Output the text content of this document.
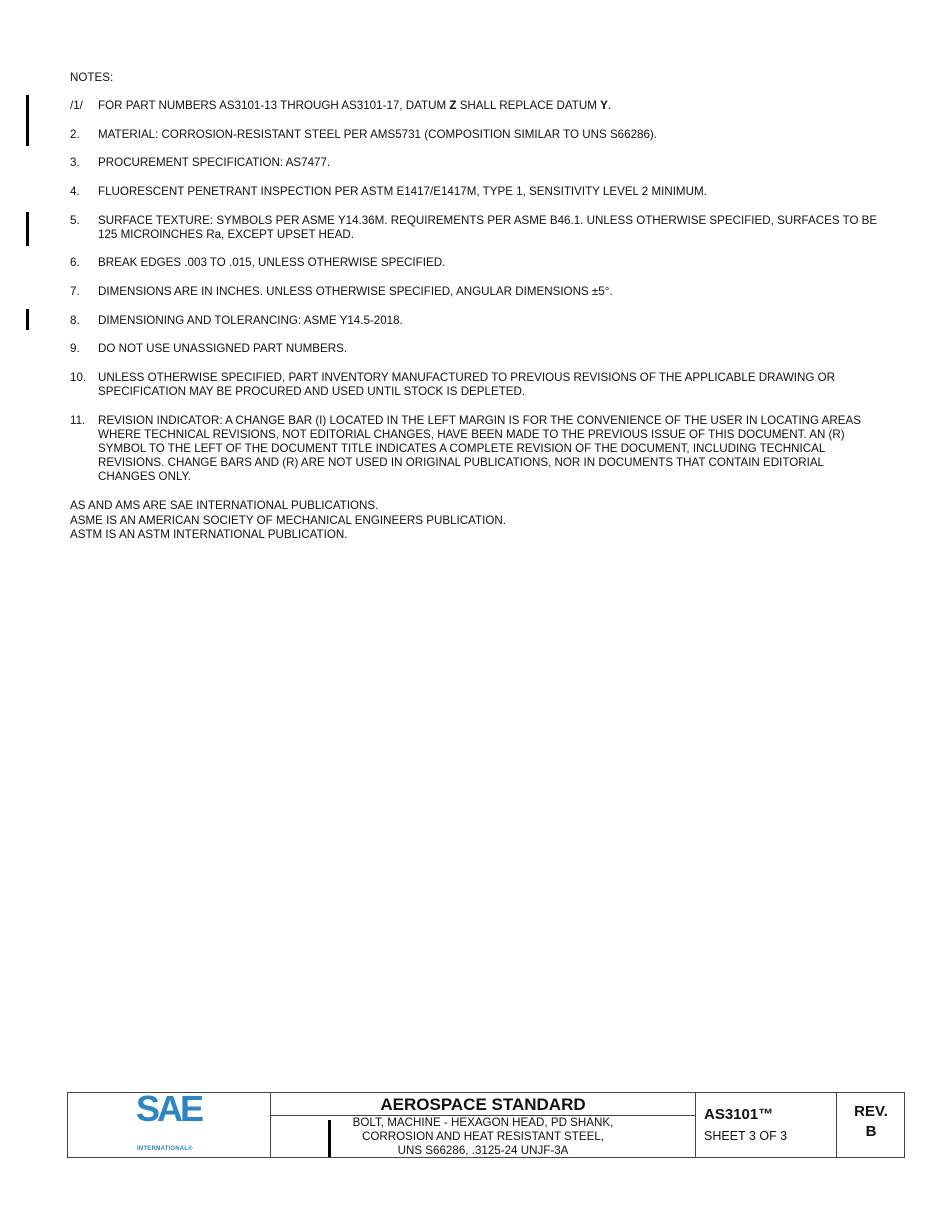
NOTES:
/1/	FOR PART NUMBERS AS3101-13 THROUGH AS3101-17, DATUM Z SHALL REPLACE DATUM Y.
2.	MATERIAL: CORROSION-RESISTANT STEEL PER AMS5731 (COMPOSITION SIMILAR TO UNS S66286).
3.	PROCUREMENT SPECIFICATION: AS7477.
4.	FLUORESCENT PENETRANT INSPECTION PER ASTM E1417/E1417M, TYPE 1, SENSITIVITY LEVEL 2 MINIMUM.
5.	SURFACE TEXTURE: SYMBOLS PER ASME Y14.36M. REQUIREMENTS PER ASME B46.1. UNLESS OTHERWISE SPECIFIED, SURFACES TO BE 125 MICROINCHES Ra, EXCEPT UPSET HEAD.
6.	BREAK EDGES .003 TO .015, UNLESS OTHERWISE SPECIFIED.
7.	DIMENSIONS ARE IN INCHES. UNLESS OTHERWISE SPECIFIED, ANGULAR DIMENSIONS ±5°.
8.	DIMENSIONING AND TOLERANCING: ASME Y14.5-2018.
9.	DO NOT USE UNASSIGNED PART NUMBERS.
10.	UNLESS OTHERWISE SPECIFIED, PART INVENTORY MANUFACTURED TO PREVIOUS REVISIONS OF THE APPLICABLE DRAWING OR SPECIFICATION MAY BE PROCURED AND USED UNTIL STOCK IS DEPLETED.
11.	REVISION INDICATOR: A CHANGE BAR (I) LOCATED IN THE LEFT MARGIN IS FOR THE CONVENIENCE OF THE USER IN LOCATING AREAS WHERE TECHNICAL REVISIONS, NOT EDITORIAL CHANGES, HAVE BEEN MADE TO THE PREVIOUS ISSUE OF THIS DOCUMENT. AN (R) SYMBOL TO THE LEFT OF THE DOCUMENT TITLE INDICATES A COMPLETE REVISION OF THE DOCUMENT, INCLUDING TECHNICAL REVISIONS. CHANGE BARS AND (R) ARE NOT USED IN ORIGINAL PUBLICATIONS, NOR IN DOCUMENTS THAT CONTAIN EDITORIAL CHANGES ONLY.
AS AND AMS ARE SAE INTERNATIONAL PUBLICATIONS.
ASME IS AN AMERICAN SOCIETY OF MECHANICAL ENGINEERS PUBLICATION.
ASTM IS AN ASTM INTERNATIONAL PUBLICATION.
SAE
INTERNATIONAL®
AEROSPACE STANDARD
BOLT, MACHINE - HEXAGON HEAD, PD SHANK,
CORROSION AND HEAT RESISTANT STEEL,
UNS S66286, .3125-24 UNJF-3A
AS3101™
SHEET 3 OF 3
REV.
B
